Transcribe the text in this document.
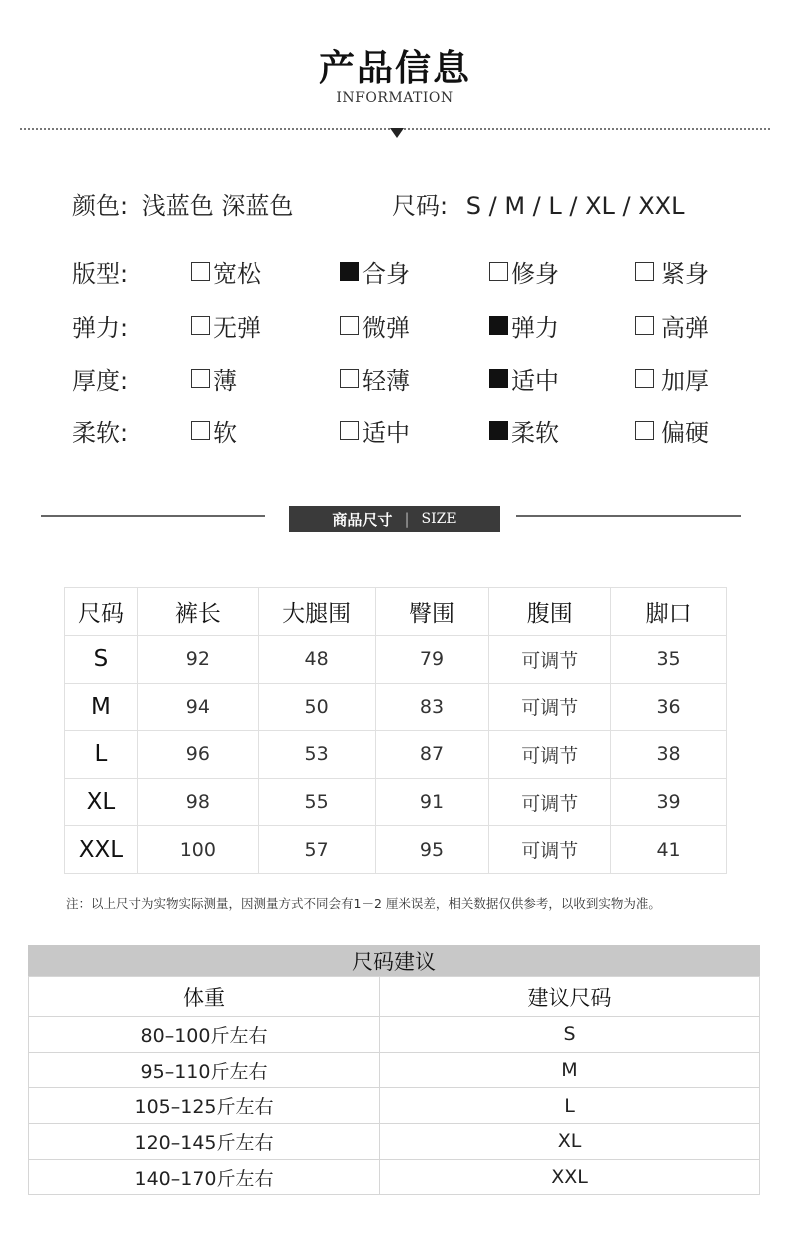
产品信息
INFORMATION
颜色: 浅蓝色 深蓝色	尺码: S / M / L / XL / XXL
版型:	宽松	合身	修身	紧身
弹力:	无弹	微弹	弹力	高弹
厚度:	薄	轻薄	适中	加厚
柔软:	软	适中	柔软	偏硬
商品尺寸 | SIZE
尺码	裤长	大腿围	臀围	腹围	脚口
S	92	48	79	可调节	35
M	94	50	83	可调节	36
L	96	53	87	可调节	38
XL	98	55	91	可调节	39
XXL	100	57	95	可调节	41
注：以上尺寸为实物实际测量，因测量方式不同会有1－2 厘米误差，相关数据仅供参考，以收到实物为准。
尺码建议
体重	建议尺码
80–100斤左右	S
95–110斤左右	M
105–125斤左右	L
120–145斤左右	XL
140–170斤左右	XXL
